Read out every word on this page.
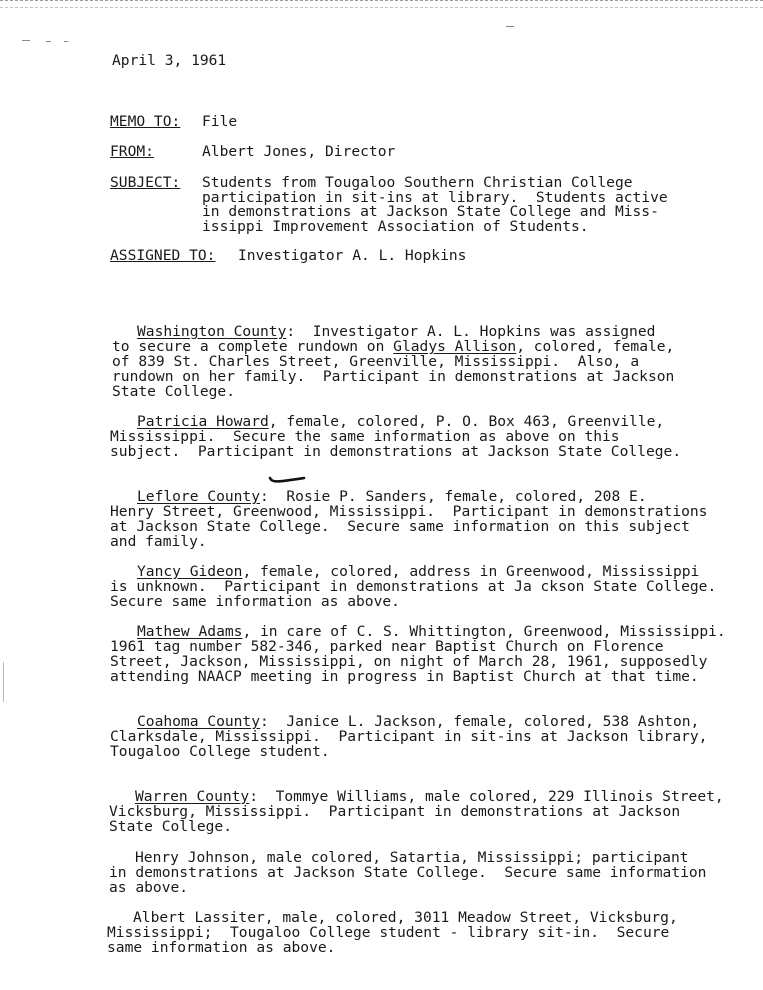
April 3, 1961
MEMO TO: File
FROM:	Albert Jones, Director
SUBJECT: Students from Tougaloo Southern Christian College
participation in sit-ins at library.  Students active
in demonstrations at Jackson State College and Miss-
issippi Improvement Association of Students.
ASSIGNED TO: Investigator A. L. Hopkins
Washington County:  Investigator A. L. Hopkins was assigned
to secure a complete rundown on Gladys Allison, colored, female,
of 839 St. Charles Street, Greenville, Mississippi.  Also, a
rundown on her family.  Participant in demonstrations at Jackson
State College.
Patricia Howard, female, colored, P. O. Box 463, Greenville,
Mississippi.  Secure the same information as above on this
subject.  Participant in demonstrations at Jackson State College.
Leflore County:  Rosie P. Sanders, female, colored, 208 E.
Henry Street, Greenwood, Mississippi.  Participant in demonstrations
at Jackson State College.  Secure same information on this subject
and family.
Yancy Gideon, female, colored, address in Greenwood, Mississippi
is unknown.  Participant in demonstrations at Ja ckson State College.
Secure same information as above.
Mathew Adams, in care of C. S. Whittington, Greenwood, Mississippi.
1961 tag number 582-346, parked near Baptist Church on Florence
Street, Jackson, Mississippi, on night of March 28, 1961, supposedly
attending NAACP meeting in progress in Baptist Church at that time.
Coahoma County:  Janice L. Jackson, female, colored, 538 Ashton,
Clarksdale, Mississippi.  Participant in sit-ins at Jackson library,
Tougaloo College student.
Warren County:  Tommye Williams, male colored, 229 Illinois Street,
Vicksburg, Mississippi.  Participant in demonstrations at Jackson
State College.
Henry Johnson, male colored, Satartia, Mississippi; participant
in demonstrations at Jackson State College.  Secure same information
as above.
Albert Lassiter, male, colored, 3011 Meadow Street, Vicksburg,
Mississippi;  Tougaloo College student - library sit-in.  Secure
same information as above.
